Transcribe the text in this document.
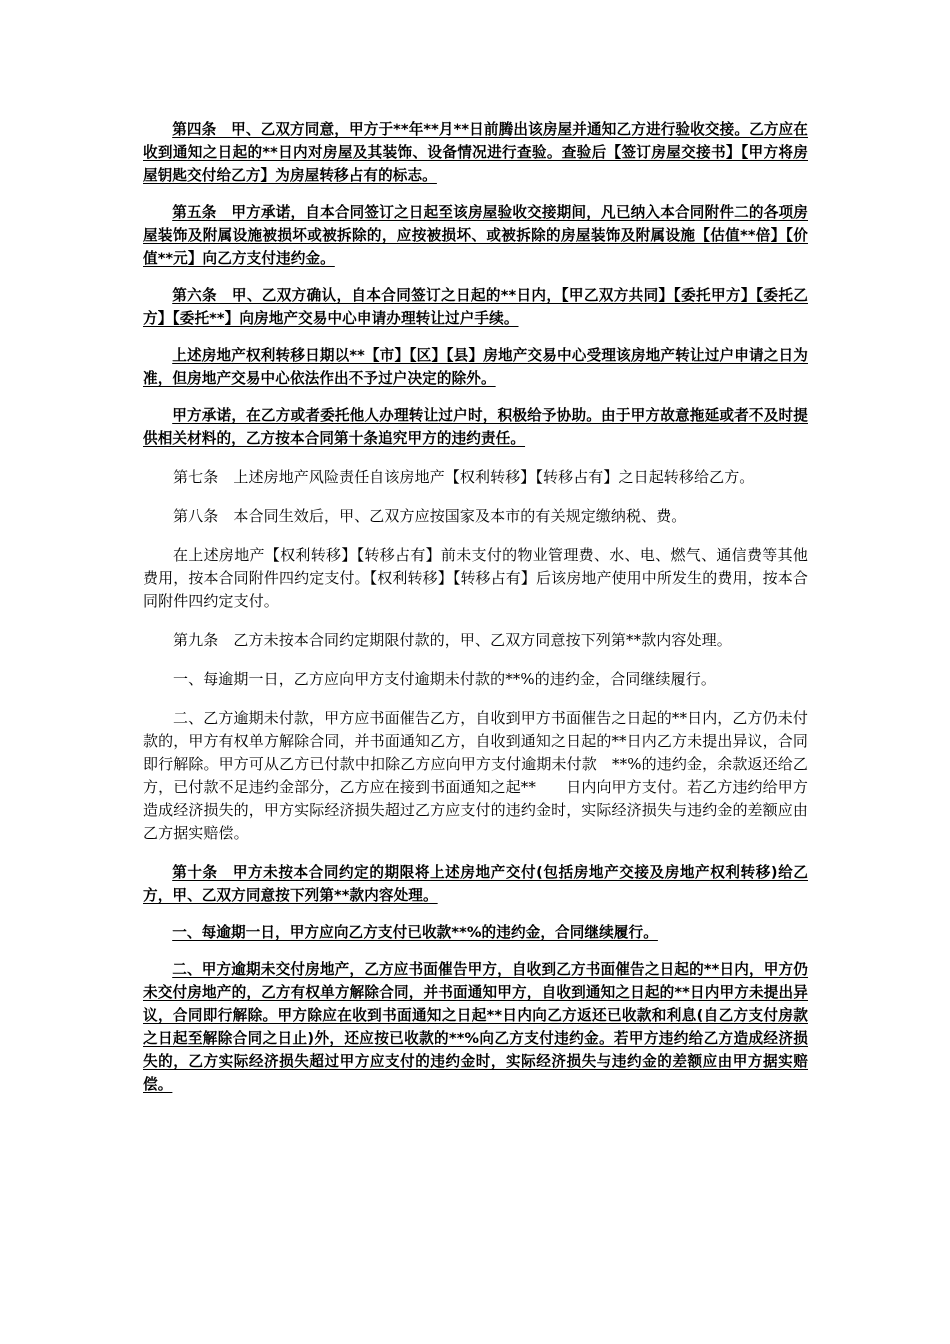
第四条　甲、乙双方同意，甲方于**年**月**日前腾出该房屋并通知乙方进行验收交接。乙方应在收到通知之日起的**日内对房屋及其装饰、设备情况进行查验。查验后【签订房屋交接书】【甲方将房屋钥匙交付给乙方】为房屋转移占有的标志。

第五条　甲方承诺，自本合同签订之日起至该房屋验收交接期间，凡已纳入本合同附件二的各项房屋装饰及附属设施被损坏或被拆除的，应按被损坏、或被拆除的房屋装饰及附属设施【估值**倍】【价值**元】向乙方支付违约金。

第六条　甲、乙双方确认，自本合同签订之日起的**日内，【甲乙双方共同】【委托甲方】【委托乙方】【委托**】向房地产交易中心申请办理转让过户手续。

上述房地产权利转移日期以**【市】【区】【县】房地产交易中心受理该房地产转让过户申请之日为准，但房地产交易中心依法作出不予过户决定的除外。

甲方承诺，在乙方或者委托他人办理转让过户时，积极给予协助。由于甲方故意拖延或者不及时提供相关材料的，乙方按本合同第十条追究甲方的违约责任。

第七条　上述房地产风险责任自该房地产【权利转移】【转移占有】之日起转移给乙方。

第八条　本合同生效后，甲、乙双方应按国家及本市的有关规定缴纳税、费。

在上述房地产【权利转移】【转移占有】前未支付的物业管理费、水、电、燃气、通信费等其他费用，按本合同附件四约定支付。【权利转移】【转移占有】后该房地产使用中所发生的费用，按本合同附件四约定支付。

第九条　乙方未按本合同约定期限付款的，甲、乙双方同意按下列第**款内容处理。

一、每逾期一日，乙方应向甲方支付逾期未付款的**%的违约金，合同继续履行。

二、乙方逾期未付款，甲方应书面催告乙方，自收到甲方书面催告之日起的**日内，乙方仍未付款的，甲方有权单方解除合同，并书面通知乙方，自收到通知之日起的**日内乙方未提出异议，合同即行解除。甲方可从乙方已付款中扣除乙方应向甲方支付逾期未付款　**%的违约金，余款返还给乙方，已付款不足违约金部分，乙方应在接到书面通知之起**　　日内向甲方支付。若乙方违约给甲方造成经济损失的，甲方实际经济损失超过乙方应支付的违约金时，实际经济损失与违约金的差额应由乙方据实赔偿。

第十条　甲方未按本合同约定的期限将上述房地产交付(包括房地产交接及房地产权利转移)给乙方，甲、乙双方同意按下列第**款内容处理。

一、每逾期一日，甲方应向乙方支付已收款**%的违约金，合同继续履行。

二、甲方逾期未交付房地产，乙方应书面催告甲方，自收到乙方书面催告之日起的**日内，甲方仍未交付房地产的，乙方有权单方解除合同，并书面通知甲方，自收到通知之日起的**日内甲方未提出异议，合同即行解除。甲方除应在收到书面通知之日起**日内向乙方返还已收款和利息(自乙方支付房款之日起至解除合同之日止)外，还应按已收款的**%向乙方支付违约金。若甲方违约给乙方造成经济损失的，乙方实际经济损失超过甲方应支付的违约金时，实际经济损失与违约金的差额应由甲方据实赔偿。
